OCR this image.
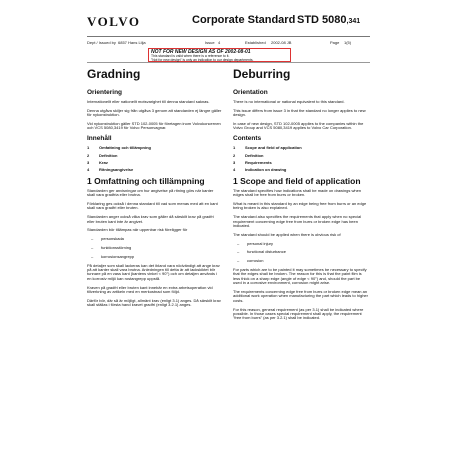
VOLVO	Corporate Standard STD 5080,341
Dept / Issued by 6857 Hans Lilja	Issue 4	Established 2002-08 JB	Page 1(5)
NOT FOR NEW DESIGN AS OF 2002-08-01
This standard is valid when there is a reference to it.
"Not for new design" is only an indication to our design departments.
Gradning
Orientering
Internationellt eller nationellt motsvarighet till denna standard saknas.
Denna utgåva skiljer sig från utgåva 3 genom att standarden ej längre gäller för nykonstruktion.
Vid nykonstruktion gäller STD 102-0005 för företagen inom Volvokoncernen och VCS 5080,3419 för Volvo Personvagnar.
Innehåll
1	Omfattning och tillämpning
2	Definition
3	Krav
4	Ritningsangivelse
1 Omfattning och tillämpning
Standarden ger anvisningar om hur angivelse på ritning görs när kanter skall vara gradfria eller brutna.
Förklaring ges också i denna standard till vad som menas med att en kant skall vara gradfri eller bruten.
Standarden anger också vilka krav som gäller då särskilt krav på gradfri eller bruten kant inte är angivet.
Standarden bör tillämpas när uppenbar risk föreligger för
–	personskada
–	funktionsstörning
–	korrosionsangrepp
På detaljer som skall lackeras kan det ibland vara nödvändigt att ange krav på att kanter skall vara brutna. Anledningen till detta är att lackskiktet blir tunnare på en vass kant (kantens vinkel < 90°) och om detaljen används i en korrosiv miljö kan rostangrepp uppstå.
Kraven på gradfri eller bruten kant innebär en extra arbetsoperation vid tillverkning av artikeln med en merkostnad som följd.
Därför bör, där så är möjligt, allmänt krav (enligt 3.1) anges. Då särskilt krav skall ställas i första hand kravet gradfri (enligt 3.2.1) anges.
Deburring
Orientation
There is no international or national equivalent to this standard.
This issue differs from issue 3 in that the standard no longer applies to new design.
In case of new design, STD 102-0005 applies to the companies within the Volvo Group and VCS 5080,3419 applies to Volvo Car Corporation.
Contents
1	Scope and field of application
2	Definition
3	Requirements
4	Indication on drawing
1 Scope and field of application
The standard specifies how indications shall be made on drawings when edges shall be free from burrs or broken.
What is meant in this standard by an edge being free from burrs or an edge being broken is also explained.
The standard also specifies the requirements that apply when no special requirement concerning edge free from burrs or broken edge has been indicated.
The standard should be applied when there is obvious risk of
–	personal injury
–	functional disturbance
–	corrosion
For parts which are to be painted it may sometimes be necessary to specify that the edges shall be broken. The reason for this is that the paint film is less thick on a sharp edge (angle of edge < 90°) and, should the part be used in a corrosive environment, corrosion might arise.
The requirements concerning edge free from burrs or broken edge mean an additional work operation when manufacturing the part which leads to higher costs.
For this reason, general requirement (as per 3.1) shall be indicated where possible. In those cases special requirement shall apply, the requirement "free from burrs" (as per 3.2.1) shall be indicated.
